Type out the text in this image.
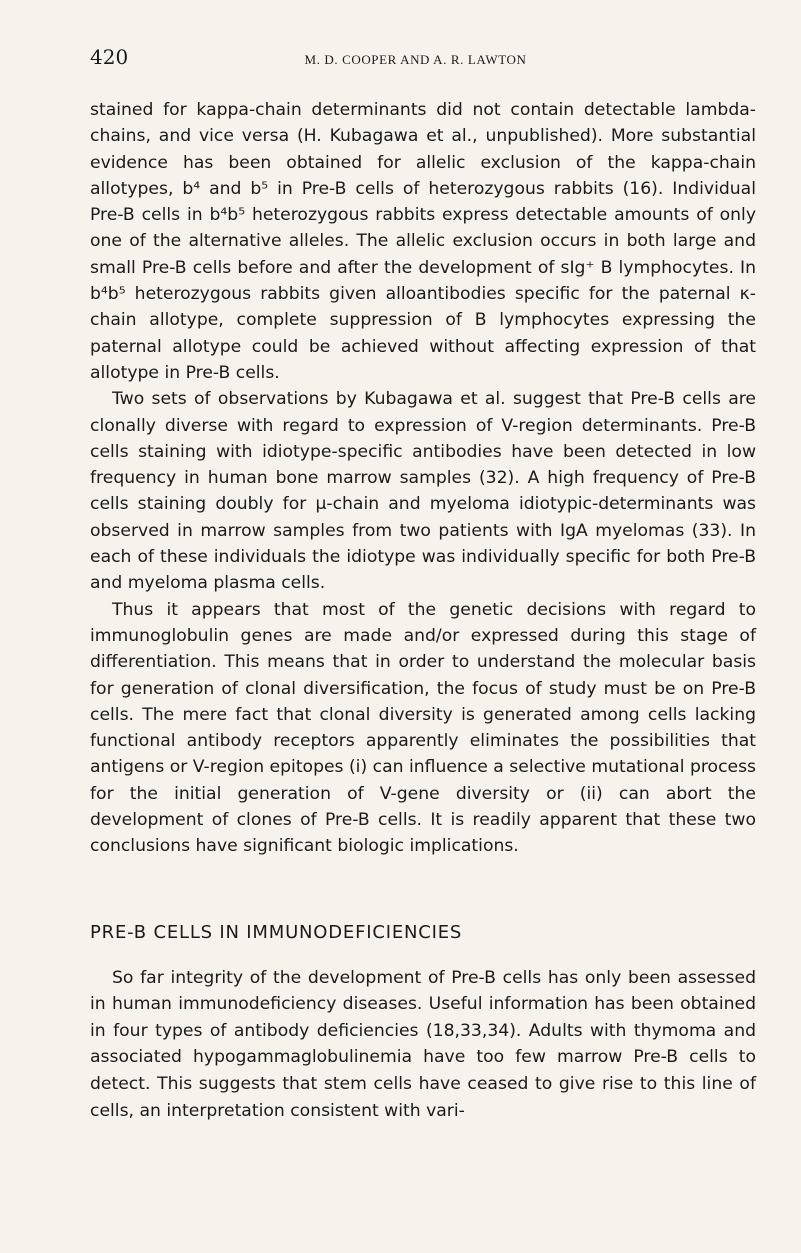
420	M. D. COOPER AND A. R. LAWTON

stained for kappa-chain determinants did not contain detectable lambda-chains, and vice versa (H. Kubagawa et al., unpublished). More substantial evidence has been obtained for allelic exclusion of the kappa-chain allotypes, b⁴ and b⁵ in Pre-B cells of heterozygous rabbits (16). Individual Pre-B cells in b⁴b⁵ heterozygous rabbits express detectable amounts of only one of the alternative alleles. The allelic exclusion occurs in both large and small Pre-B cells before and after the development of sIg⁺ B lymphocytes. In b⁴b⁵ heterozygous rabbits given alloantibodies specific for the paternal κ-chain allotype, complete suppression of B lymphocytes expressing the paternal allotype could be achieved without affecting expression of that allotype in Pre-B cells.

Two sets of observations by Kubagawa et al. suggest that Pre-B cells are clonally diverse with regard to expression of V-region determinants. Pre-B cells staining with idiotype-specific antibodies have been detected in low frequency in human bone marrow samples (32). A high frequency of Pre-B cells staining doubly for μ-chain and myeloma idiotypic-determinants was observed in marrow samples from two patients with IgA myelomas (33). In each of these individuals the idiotype was individually specific for both Pre-B and myeloma plasma cells.

Thus it appears that most of the genetic decisions with regard to immunoglobulin genes are made and/or expressed during this stage of differentiation. This means that in order to understand the molecular basis for generation of clonal diversification, the focus of study must be on Pre-B cells. The mere fact that clonal diversity is generated among cells lacking functional antibody receptors apparently eliminates the possibilities that antigens or V-region epitopes (i) can influence a selective mutational process for the initial generation of V-gene diversity or (ii) can abort the development of clones of Pre-B cells. It is readily apparent that these two conclusions have significant biologic implications.

PRE-B CELLS IN IMMUNODEFICIENCIES

So far integrity of the development of Pre-B cells has only been assessed in human immunodeficiency diseases. Useful information has been obtained in four types of antibody deficiencies (18,33,34). Adults with thymoma and associated hypogammaglobulinemia have too few marrow Pre-B cells to detect. This suggests that stem cells have ceased to give rise to this line of cells, an interpretation consistent with vari-
